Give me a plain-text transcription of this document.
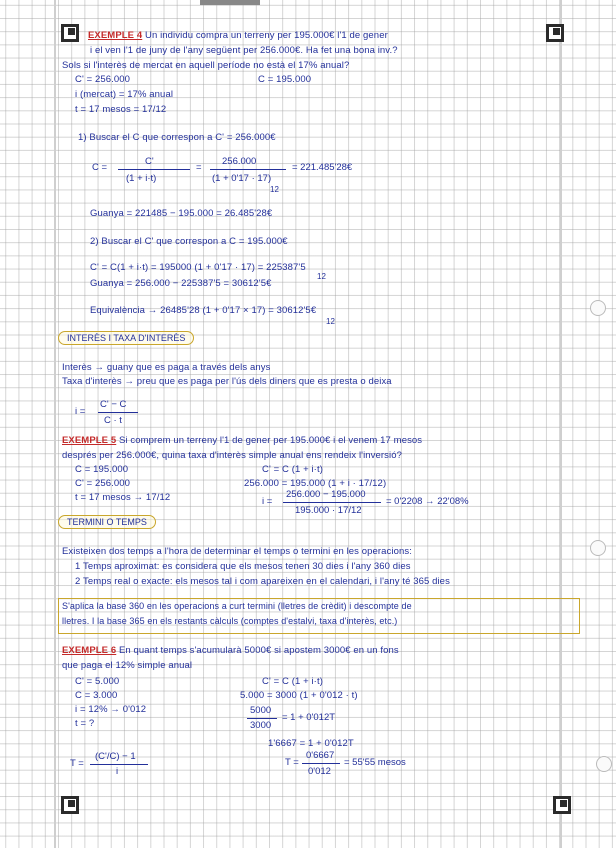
EXEMPLE 4 Un individu compra un terreny per 195.000€ l'1 de gener
i el ven l'1 de juny de l'any següent per 256.000€. Ha fet una bona inv.?
Sols si l'interès de mercat en aquell període no està el 17% anual?
C' = 256.000	C = 195.000
i (mercat) = 17% anual
t = 17 mesos = 17/12
1) Buscar el C que correspon a C' = 256.000€
C =
C'
(1 + i·t)
=
256.000
(1 + 0'17 · 17)
12
= 221.485'28€
Guanya = 221485 − 195.000 = 26.485'28€
2) Buscar el C' que correspon a C = 195.000€
C' = C(1 + i·t) = 195000 (1 + 0'17 · 17) = 225387'5
12
Guanya = 256.000 − 225387'5 = 30612'5€
Equivalència → 26485'28 (1 + 0'17 × 17) = 30612'5€
12
INTERÈS I TAXA D'INTERÈS
Interès → guany que es paga a través dels anys
Taxa d'interès → preu que es paga per l'ús dels diners que es presta o deixa
i =
C' − C
C · t
EXEMPLE 5 Si comprem un terreny l'1 de gener per 195.000€ i el venem 17 mesos
després per 256.000€, quina taxa d'interès simple anual ens rendeix l'inversió?
C = 195.000
C' = 256.000
t = 17 mesos → 17/12
C' = C (1 + i·t)
256.000 = 195.000 (1 + i · 17/12)
i =
256.000 − 195.000
195.000 · 17/12
= 0'2208 → 22'08%
TERMINI O TEMPS
Existeixen dos temps a l'hora de determinar el temps o termini en les operacions:
1 Temps aproximat: es considera que els mesos tenen 30 dies i l'any 360 dies
2 Temps real o exacte: els mesos tal i com apareixen en el calendari, i l'any té 365 dies
S'aplica la base 360 en les operacions a curt termini (lletres de crèdit) i descompte de
lletres. I la base 365 en els restants càlculs (comptes d'estalvi, taxa d'interès, etc.)
EXEMPLE 6 En quant temps s'acumularà 5000€ si apostem 3000€ en un fons
que paga el 12% simple anual
C' = 5.000
C = 3.000
i = 12% → 0'012
t = ?
C' = C (1 + i·t)
5.000 = 3000 (1 + 0'012 · t)
5000
3000
= 1 + 0'012T
1'6667 = 1 + 0'012T
T =
0'6667
0'012
= 55'55 mesos
T =
(C'/C) − 1
i
